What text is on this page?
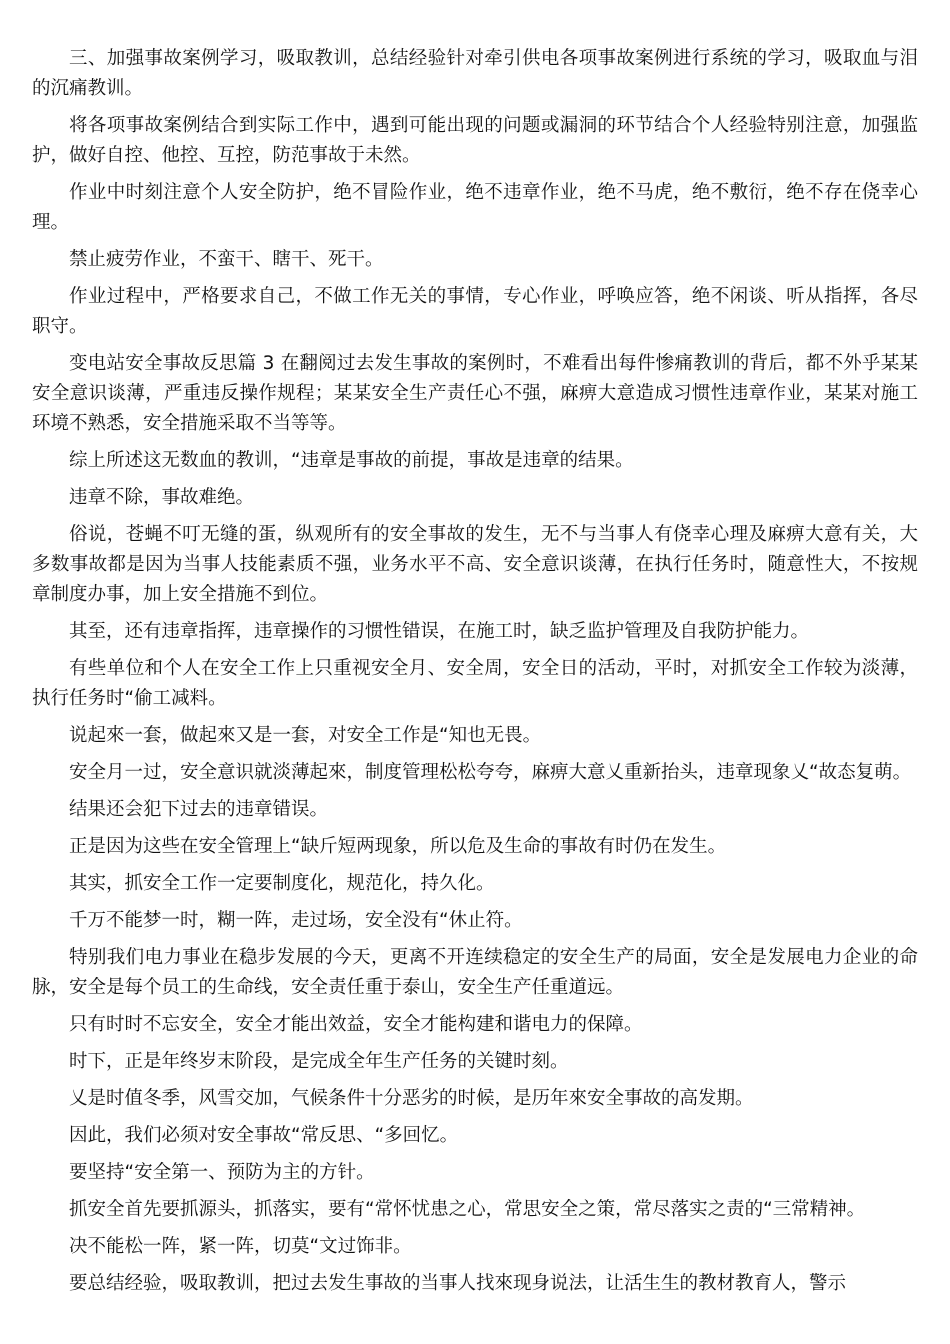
三、加强事故案例学习，吸取教训，总结经验针对牵引供电各项事故案例进行系统的学习，吸取血与泪的沉痛教训。

将各项事故案例结合到实际工作中，遇到可能出现的问题或漏洞的环节结合个人经验特别注意，加强监护，做好自控、他控、互控，防范事故于未然。

作业中时刻注意个人安全防护，绝不冒险作业，绝不违章作业，绝不马虎，绝不敷衍，绝不存在侥幸心理。

禁止疲劳作业，不蛮干、瞎干、死干。

作业过程中，严格要求自己，不做工作无关的事情，专心作业，呼唤应答，绝不闲谈、听从指挥，各尽职守。

变电站安全事故反思篇 3 在翻阅过去发生事故的案例时，不难看出每件惨痛教训的背后，都不外乎某某安全意识谈薄，严重违反操作规程；某某安全生产责任心不强，麻痹大意造成习惯性违章作业，某某对施工环境不熟悉，安全措施采取不当等等。

综上所述这无数血的教训，“违章是事故的前提，事故是违章的结果。

违章不除，事故难绝。

俗说，苍蝇不叮无缝的蛋，纵观所有的安全事故的发生，无不与当事人有侥幸心理及麻痹大意有关，大多数事故都是因为当事人技能素质不强，业务水平不高、安全意识谈薄，在执行任务时，随意性大，不按规章制度办事，加上安全措施不到位。

其至，还有违章指挥，违章操作的习惯性错误，在施工时，缺乏监护管理及自我防护能力。

有些单位和个人在安全工作上只重视安全月、安全周，安全日的活动，平时，对抓安全工作较为淡薄，执行任务时“偷工减料。

说起來一套，做起來又是一套，对安全工作是“知也无畏。

安全月一过，安全意识就淡薄起來，制度管理松松夸夸，麻痹大意乂重新抬头，违章现象乂“故态复萌。

结果还会犯下过去的违章错误。

正是因为这些在安全管理上“缺斤短两现象，所以危及生命的事故有时仍在发生。

其实，抓安全工作一定要制度化，规范化，持久化。

千万不能梦一时，糊一阵，走过场，安全没有“休止符。

特别我们电力事业在稳步发展的今天，更离不开连续稳定的安全生产的局面，安全是发展电力企业的命脉，安全是每个员工的生命线，安全责任重于泰山，安全生产任重道远。

只有时时不忘安全，安全才能出效益，安全才能构建和谐电力的保障。

时下，正是年终岁末阶段，是完成全年生产任务的关键时刻。

乂是时值冬季，风雪交加，气候条件十分恶劣的时候，是历年來安全事故的高发期。

因此，我们必须对安全事故“常反思、“多回忆。

要坚持“安全第一、预防为主的方针。

抓安全首先要抓源头，抓落实，要有“常怀忧患之心，常思安全之策，常尽落实之责的“三常精神。

决不能松一阵，紧一阵，切莫“文过饰非。

要总结经验，吸取教训，把过去发生事故的当事人找來现身说法，让活生生的教材教育人，警示
